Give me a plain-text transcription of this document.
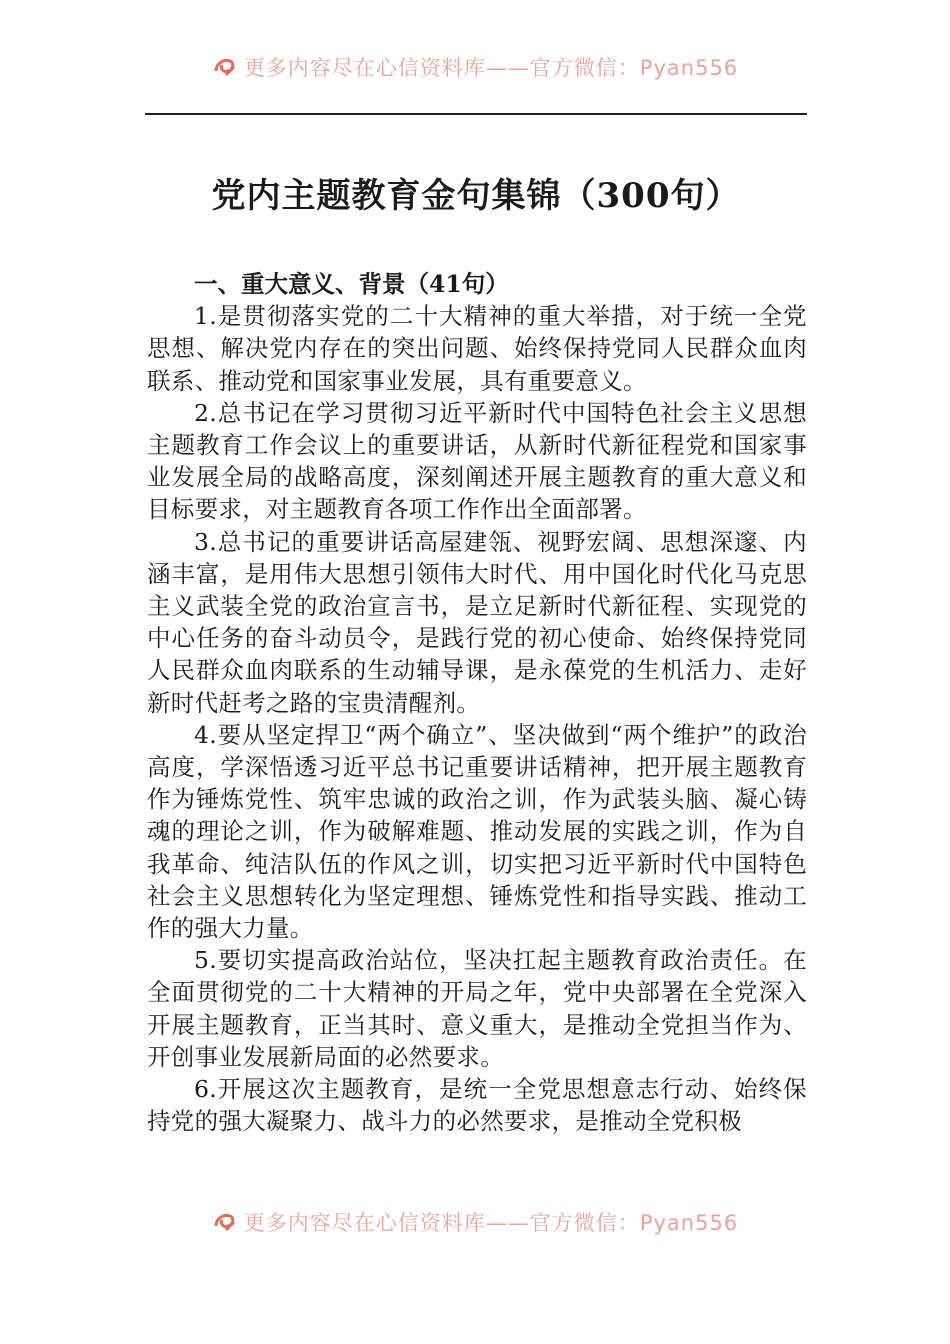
更多内容尽在心信资料库——官方微信：Pyan556
党内主题教育金句集锦（300句）

一、重大意义、背景（41句）

1.是贯彻落实党的二十大精神的重大举措，对于统一全党思想、解决党内存在的突出问题、始终保持党同人民群众血肉联系、推动党和国家事业发展，具有重要意义。

2.总书记在学习贯彻习近平新时代中国特色社会主义思想主题教育工作会议上的重要讲话，从新时代新征程党和国家事业发展全局的战略高度，深刻阐述开展主题教育的重大意义和目标要求，对主题教育各项工作作出全面部署。

3.总书记的重要讲话高屋建瓴、视野宏阔、思想深邃、内涵丰富，是用伟大思想引领伟大时代、用中国化时代化马克思主义武装全党的政治宣言书，是立足新时代新征程、实现党的中心任务的奋斗动员令，是践行党的初心使命、始终保持党同人民群众血肉联系的生动辅导课，是永葆党的生机活力、走好新时代赶考之路的宝贵清醒剂。

4.要从坚定捍卫“两个确立”、坚决做到“两个维护”的政治高度，学深悟透习近平总书记重要讲话精神，把开展主题教育作为锤炼党性、筑牢忠诚的政治之训，作为武装头脑、凝心铸魂的理论之训，作为破解难题、推动发展的实践之训，作为自我革命、纯洁队伍的作风之训，切实把习近平新时代中国特色社会主义思想转化为坚定理想、锤炼党性和指导实践、推动工作的强大力量。

5.要切实提高政治站位，坚决扛起主题教育政治责任。在全面贯彻党的二十大精神的开局之年，党中央部署在全党深入开展主题教育，正当其时、意义重大，是推动全党担当作为、开创事业发展新局面的必然要求。

6.开展这次主题教育，是统一全党思想意志行动、始终保持党的强大凝聚力、战斗力的必然要求，是推动全党积极

更多内容尽在心信资料库——官方微信：Pyan556
